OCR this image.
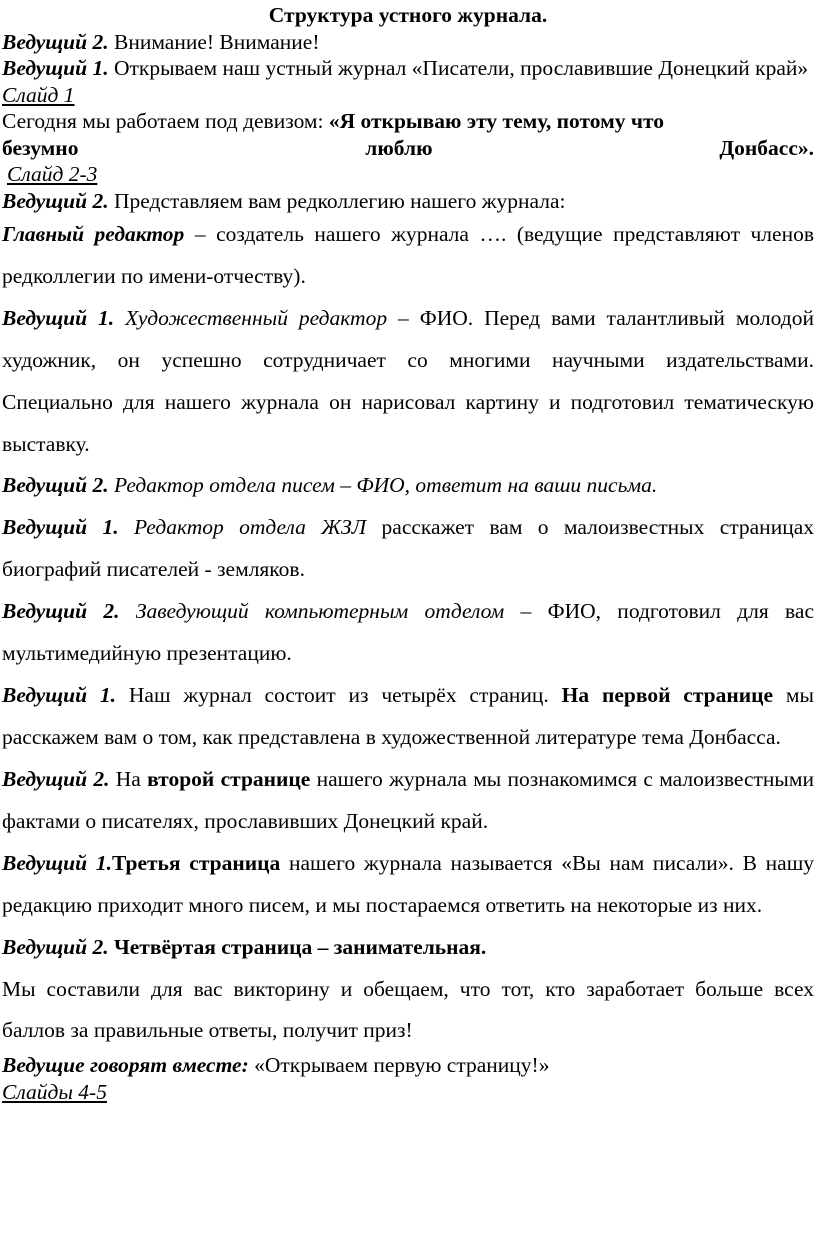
Структура устного журнала.

Ведущий 2. Внимание! Внимание!

Ведущий 1. Открываем наш устный журнал «Писатели, прославившие Донецкий край»

Слайд 1

Сегодня мы работаем под девизом: «Я открываю эту тему, потому что

безумно люблю Донбасс».

Слайд 2-3

Ведущий 2. Представляем вам редколлегию нашего журнала:

Главный редактор – создатель нашего журнала …. (ведущие представляют членов редколлегии по имени-отчеству).

Ведущий 1. Художественный редактор – ФИО. Перед вами талантливый молодой художник, он успешно сотрудничает со многими научными издательствами. Специально для нашего журнала он нарисовал картину и подготовил тематическую выставку.

Ведущий 2. Редактор отдела писем – ФИО, ответит на ваши письма.

Ведущий 1. Редактор отдела ЖЗЛ расскажет вам о малоизвестных страницах биографий писателей - земляков.

Ведущий 2. Заведующий компьютерным отделом – ФИО, подготовил для вас мультимедийную презентацию.

Ведущий 1. Наш журнал состоит из четырёх страниц. На первой странице мы расскажем вам о том, как представлена в художественной литературе тема Донбасса.

Ведущий 2. На второй странице нашего журнала мы познакомимся с малоизвестными фактами о писателях, прославивших Донецкий край.

Ведущий 1.Третья страница нашего журнала называется «Вы нам писали». В нашу редакцию приходит много писем, и мы постараемся ответить на некоторые из них.

Ведущий 2. Четвёртая страница – занимательная.

Мы составили для вас викторину и обещаем, что тот, кто заработает больше всех баллов за правильные ответы, получит приз!

Ведущие говорят вместе: «Открываем первую страницу!»

Слайды 4-5
